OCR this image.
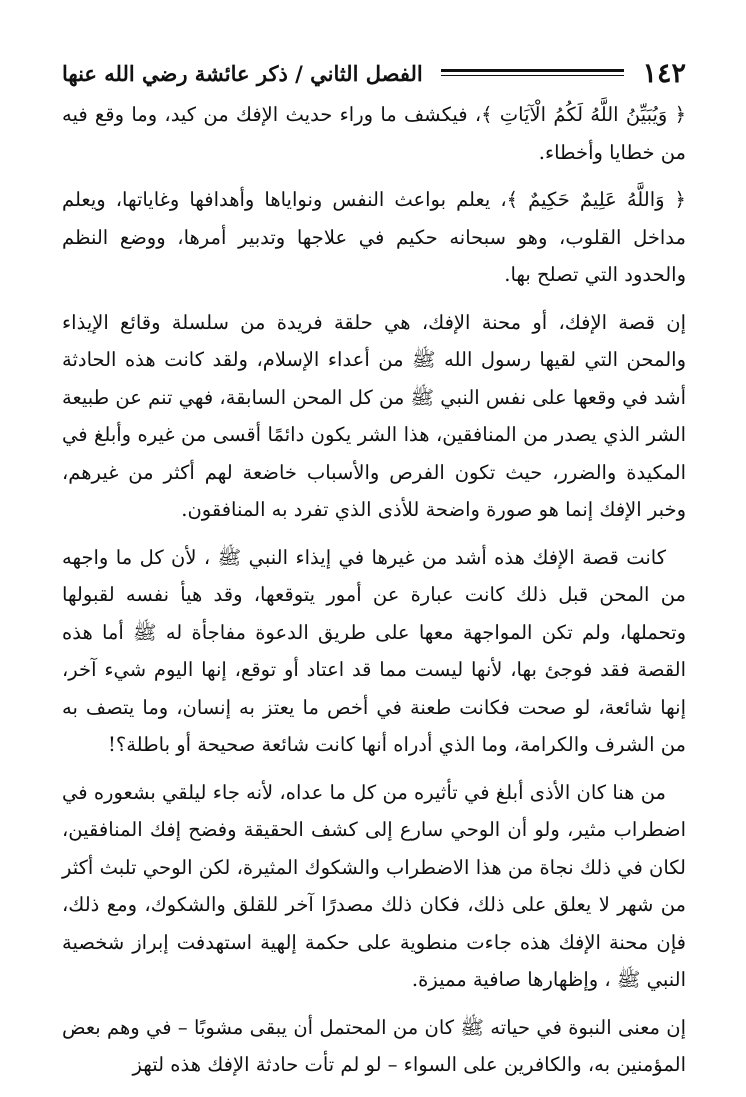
١٤٢
الفصل الثاني / ذكر عائشة رضي الله عنها

﴿ وَيُبَيِّنُ اللَّهُ لَكُمُ الْآيَاتِ ﴾، فيكشف ما وراء حديث الإفك من كيد، وما وقع فيه من خطايا وأخطاء.

﴿ وَاللَّهُ عَلِيمٌ حَكِيمٌ ﴾، يعلم بواعث النفس ونواياها وأهدافها وغاياتها، ويعلم مداخل القلوب، وهو سبحانه حكيم في علاجها وتدبير أمرها، ووضع النظم والحدود التي تصلح بها.

إن قصة الإفك، أو محنة الإفك، هي حلقة فريدة من سلسلة وقائع الإيذاء والمحن التي لقيها رسول الله ﷺ من أعداء الإسلام، ولقد كانت هذه الحادثة أشد في وقعها على نفس النبي ﷺ من كل المحن السابقة، فهي تنم عن طبيعة الشر الذي يصدر من المنافقين، هذا الشر يكون دائمًا أقسى من غيره وأبلغ في المكيدة والضرر، حيث تكون الفرص والأسباب خاضعة لهم أكثر من غيرهم، وخبر الإفك إنما هو صورة واضحة للأذى الذي تفرد به المنافقون.

كانت قصة الإفك هذه أشد من غيرها في إيذاء النبي ﷺ ، لأن كل ما واجهه من المحن قبل ذلك كانت عبارة عن أمور يتوقعها، وقد هيأ نفسه لقبولها وتحملها، ولم تكن المواجهة معها على طريق الدعوة مفاجأة له ﷺ أما هذه القصة فقد فوجئ بها، لأنها ليست مما قد اعتاد أو توقع، إنها اليوم شيء آخر، إنها شائعة، لو صحت فكانت طعنة في أخص ما يعتز به إنسان، وما يتصف به من الشرف والكرامة، وما الذي أدراه أنها كانت شائعة صحيحة أو باطلة؟!

من هنا كان الأذى أبلغ في تأثيره من كل ما عداه، لأنه جاء ليلقي بشعوره في اضطراب مثير، ولو أن الوحي سارع إلى كشف الحقيقة وفضح إفك المنافقين، لكان في ذلك نجاة من هذا الاضطراب والشكوك المثيرة، لكن الوحي تلبث أكثر من شهر لا يعلق على ذلك، فكان ذلك مصدرًا آخر للقلق والشكوك، ومع ذلك، فإن محنة الإفك هذه جاءت منطوية على حكمة إلهية استهدفت إبراز شخصية النبي ﷺ ، وإظهارها صافية مميزة.

إن معنى النبوة في حياته ﷺ كان من المحتمل أن يبقى مشوبًا – في وهم بعض المؤمنين به، والكافرين على السواء – لو لم تأت حادثة الإفك هذه لتهز
